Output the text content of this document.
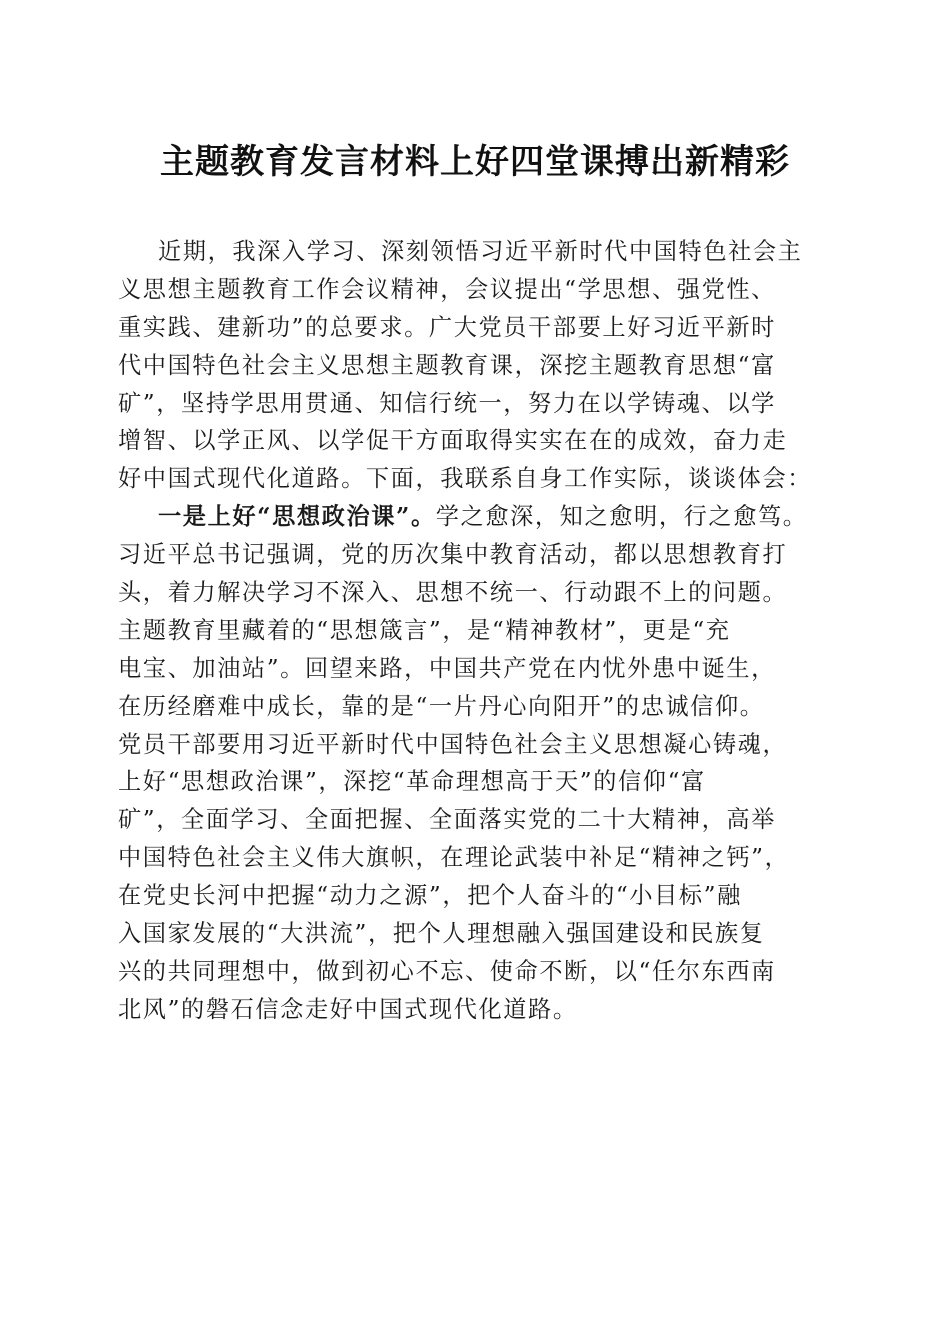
主题教育发言材料上好四堂课搏出新精彩
近期，我深入学习、深刻领悟习近平新时代中国特色社会主
义思想主题教育工作会议精神，会议提出“学思想、强党性、
重实践、建新功”的总要求。广大党员干部要上好习近平新时
代中国特色社会主义思想主题教育课，深挖主题教育思想“富
矿”，坚持学思用贯通、知信行统一，努力在以学铸魂、以学
增智、以学正风、以学促干方面取得实实在在的成效，奋力走
好中国式现代化道路。下面，我联系自身工作实际，谈谈体会：
一是上好“思想政治课”。学之愈深，知之愈明，行之愈笃。
习近平总书记强调，党的历次集中教育活动，都以思想教育打
头，着力解决学习不深入、思想不统一、行动跟不上的问题。
主题教育里藏着的“思想箴言”，是“精神教材”，更是“充
电宝、加油站”。回望来路，中国共产党在内忧外患中诞生，
在历经磨难中成长，靠的是“一片丹心向阳开”的忠诚信仰。
党员干部要用习近平新时代中国特色社会主义思想凝心铸魂，
上好“思想政治课”，深挖“革命理想高于天”的信仰“富
矿”，全面学习、全面把握、全面落实党的二十大精神，高举
中国特色社会主义伟大旗帜，在理论武装中补足“精神之钙”，
在党史长河中把握“动力之源”，把个人奋斗的“小目标”融
入国家发展的“大洪流”，把个人理想融入强国建设和民族复
兴的共同理想中，做到初心不忘、使命不断，以“任尔东西南
北风”的磐石信念走好中国式现代化道路。
